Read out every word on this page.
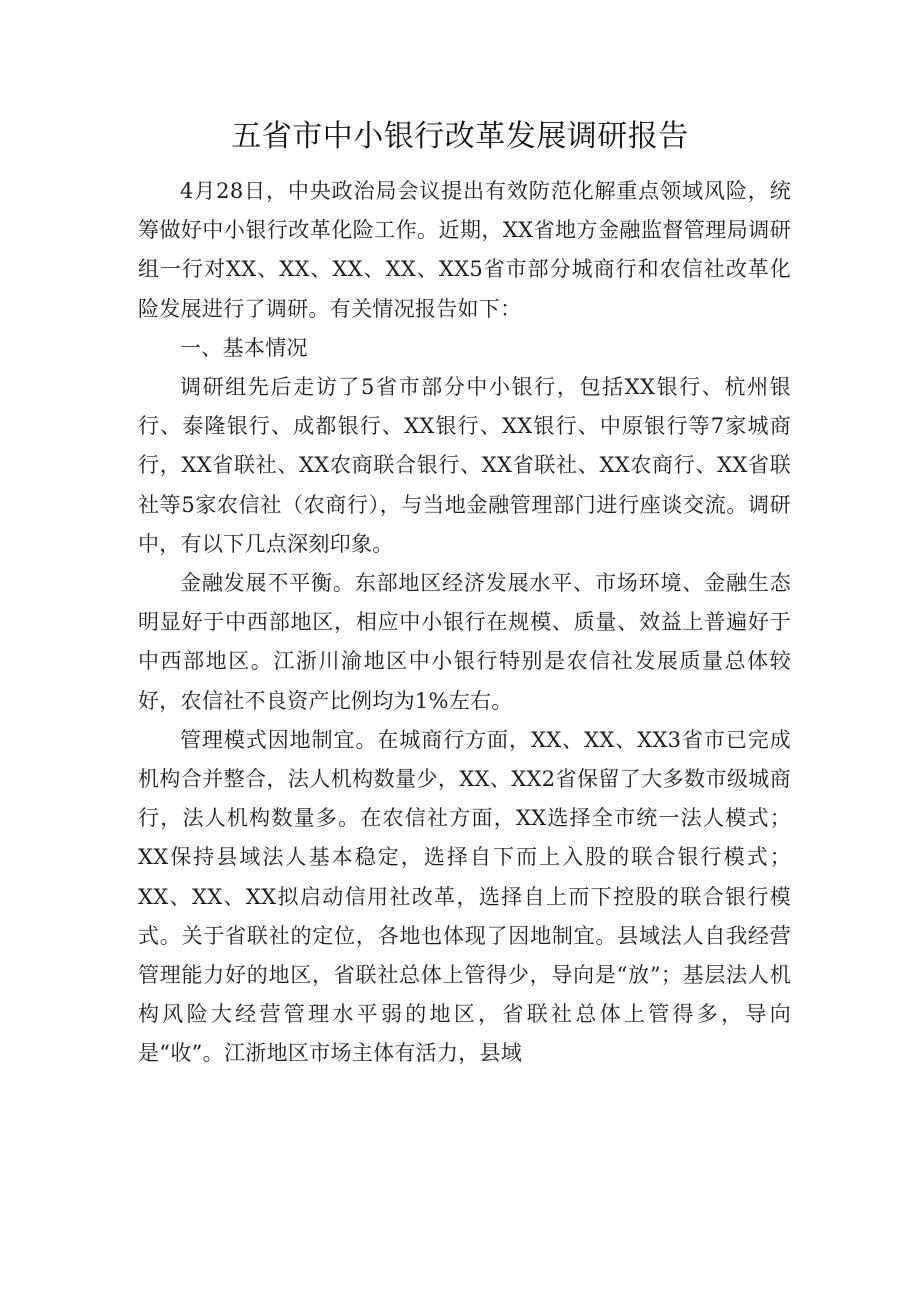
五省市中小银行改革发展调研报告

4月28日，中央政治局会议提出有效防范化解重点领域风险，统筹做好中小银行改革化险工作。近期，XX省地方金融监督管理局调研组一行对XX、XX、XX、XX、XX5省市部分城商行和农信社改革化险发展进行了调研。有关情况报告如下：

一、基本情况

调研组先后走访了5省市部分中小银行，包括XX银行、杭州银行、泰隆银行、成都银行、XX银行、XX银行、中原银行等7家城商行，XX省联社、XX农商联合银行、XX省联社、XX农商行、XX省联社等5家农信社（农商行），与当地金融管理部门进行座谈交流。调研中，有以下几点深刻印象。

金融发展不平衡。东部地区经济发展水平、市场环境、金融生态明显好于中西部地区，相应中小银行在规模、质量、效益上普遍好于中西部地区。江浙川渝地区中小银行特别是农信社发展质量总体较好，农信社不良资产比例均为1%左右。

管理模式因地制宜。在城商行方面，XX、XX、XX3省市已完成机构合并整合，法人机构数量少，XX、XX2省保留了大多数市级城商行，法人机构数量多。在农信社方面，XX选择全市统一法人模式；XX保持县域法人基本稳定，选择自下而上入股的联合银行模式；XX、XX、XX拟启动信用社改革，选择自上而下控股的联合银行模式。关于省联社的定位，各地也体现了因地制宜。县域法人自我经营管理能力好的地区，省联社总体上管得少，导向是“放”；基层法人机构风险大经营管理水平弱的地区，省联社总体上管得多，导向是“收”。江浙地区市场主体有活力，县域
